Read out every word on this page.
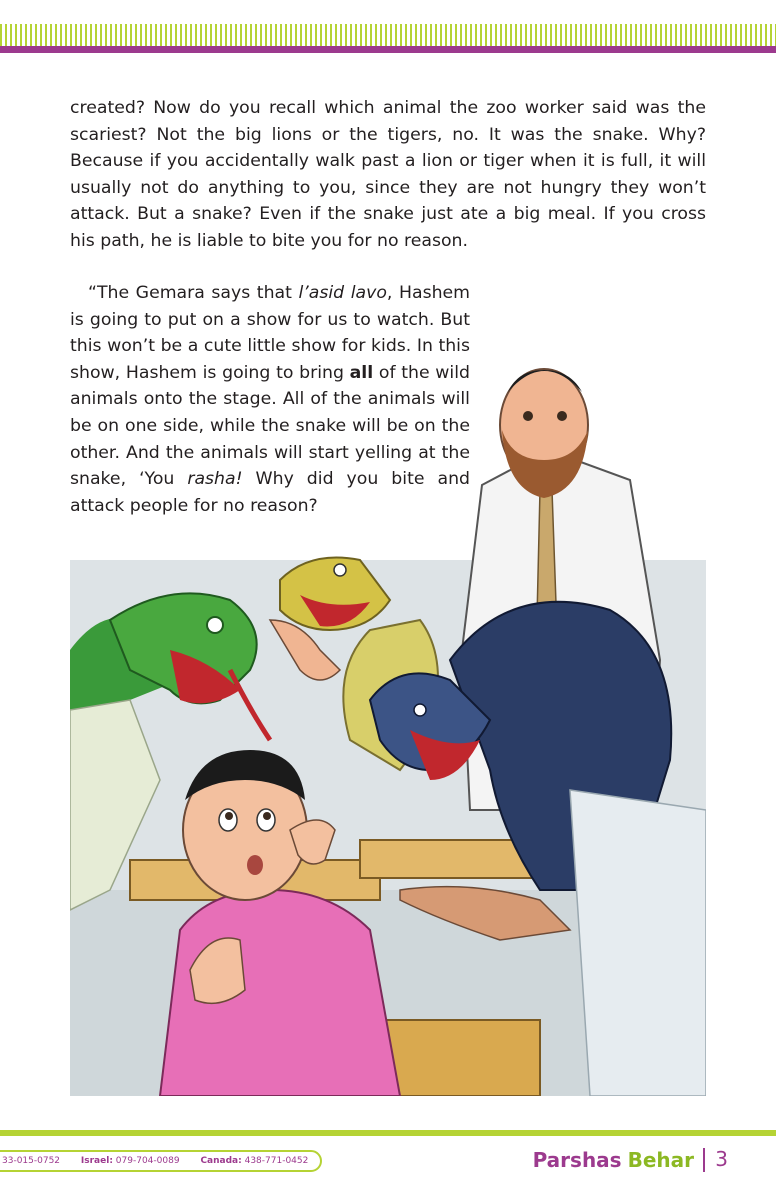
created? Now do you recall which animal the zoo worker said was the scariest? Not the big lions or the tigers, no. It was the snake. Why? Because if you accidentally walk past a lion or tiger when it is full, it will usually not do anything to you, since they are not hungry they won’t attack. But a snake? Even if the snake just ate a big meal. If you cross his path, he is liable to bite you for no reason.

“The Gemara says that l’asid lavo, Hashem is going to put on a show for us to watch. But this won’t be a cute little show for kids. In this show, Hashem is going to bring all of the wild animals onto the stage. All of the animals will be on one side, while the snake will be on the other. And the animals will start yelling at the snake, ‘You rasha! Why did you bite and attack people for no reason?

33-015-0752 Israel: 079-704-0089 Canada: 438-771-0452	Parshas Behar 3
